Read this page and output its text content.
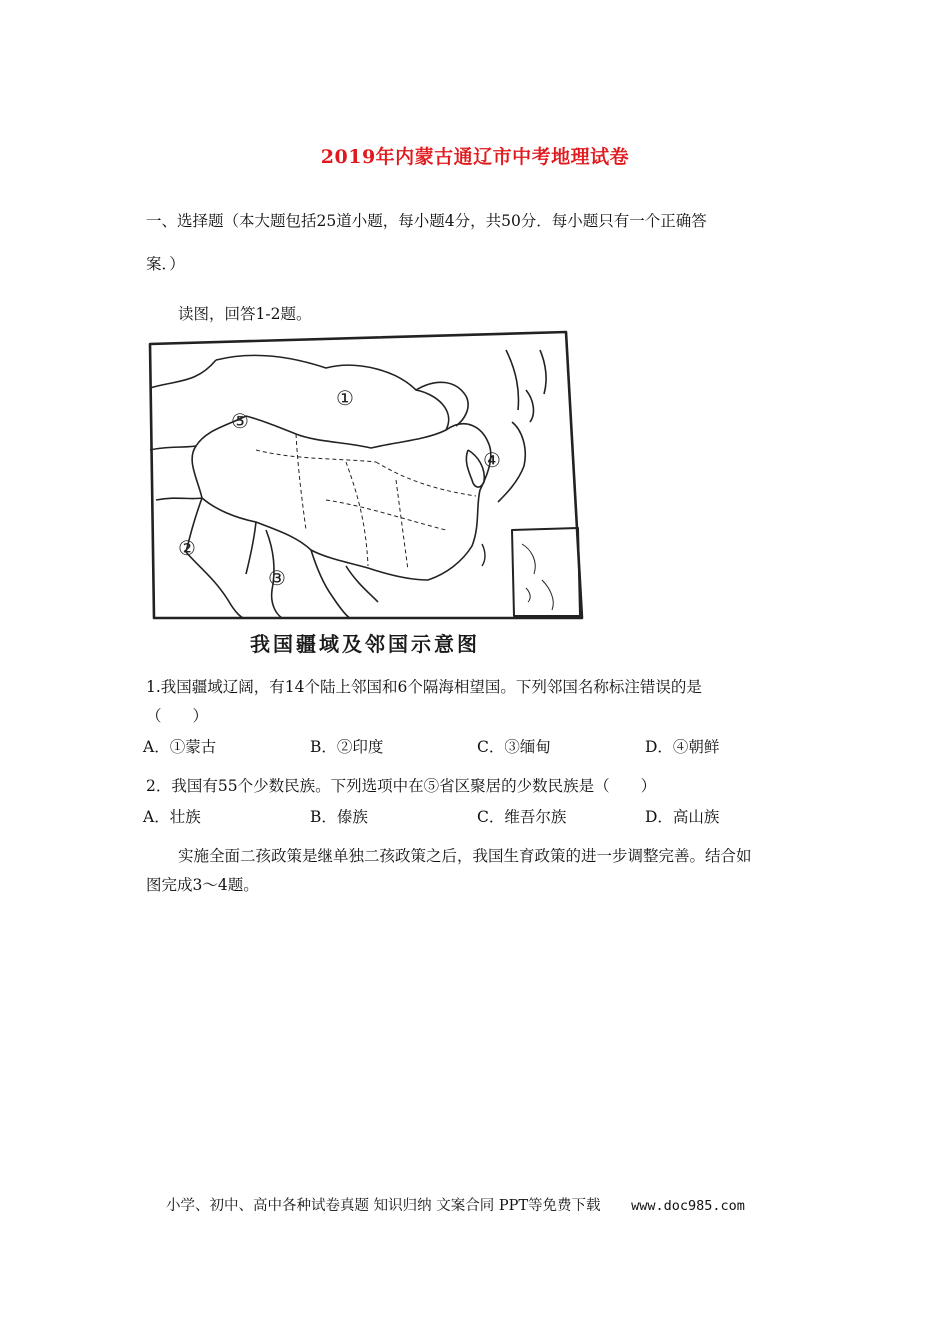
2019年内蒙古通辽市中考地理试卷
一、选择题（本大题包括25道小题，每小题4分，共50分．每小题只有一个正确答
案．）
读图，回答1-2题。
①
②
③
④
⑤
我国疆域及邻国示意图
1.我国疆域辽阔，有14个陆上邻国和6个隔海相望国。下列邻国名称标注错误的是
（　　）
A．①蒙古	B．②印度	C．③缅甸	D．④朝鲜
2．我国有55个少数民族。下列选项中在⑤省区聚居的少数民族是（　　）
A．壮族	B．傣族	C．维吾尔族	D．高山族
实施全面二孩政策是继单独二孩政策之后，我国生育政策的进一步调整完善。结合如
图完成3～4题。
小学、初中、高中各种试卷真题 知识归纳 文案合同 PPT等免费下载 www.doc985.com
